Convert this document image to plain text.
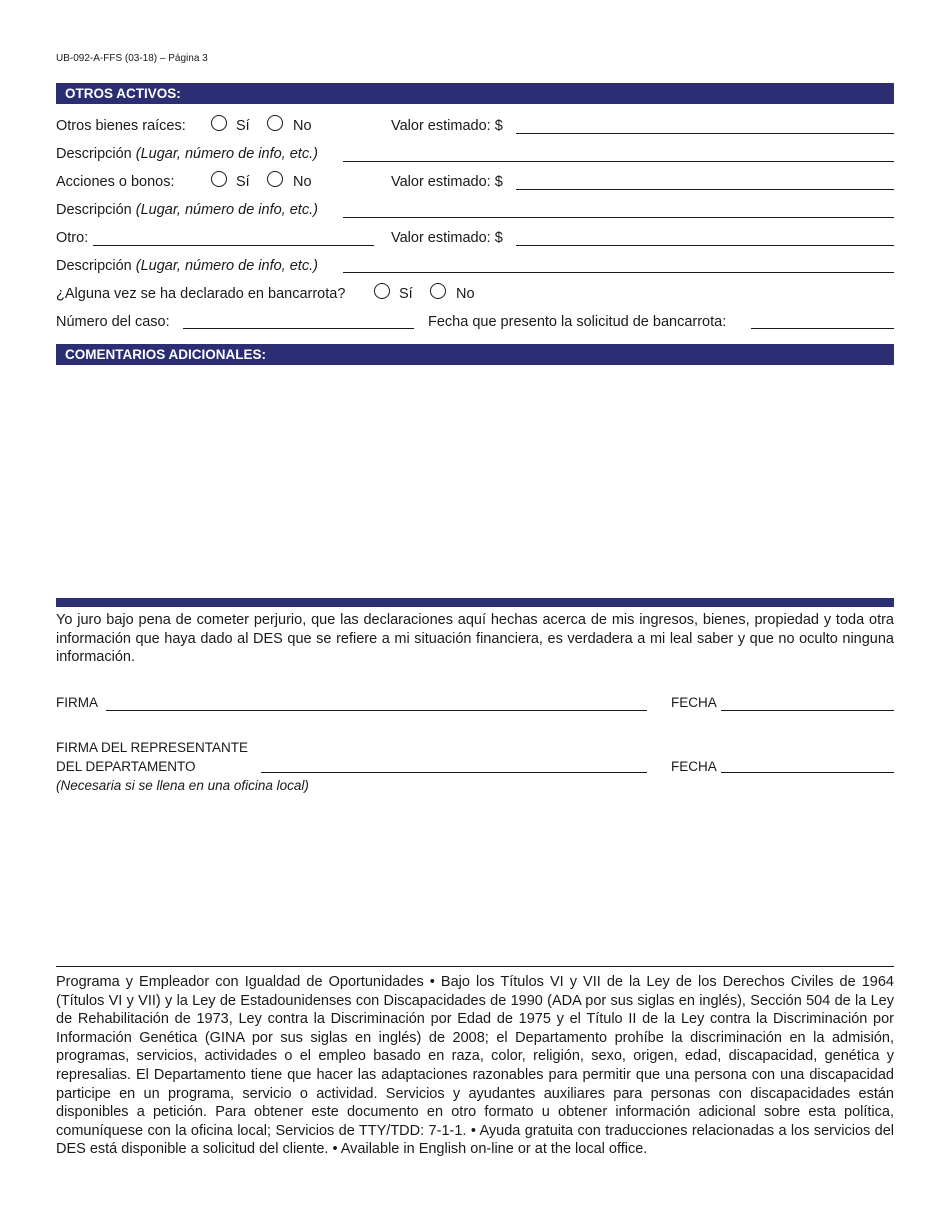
UB-092-A-FFS (03-18) – Página 3
OTROS ACTIVOS:
Otros bienes raíces:	Sí	No	Valor estimado: $
Descripción (Lugar, número de info, etc.)
Acciones o bonos:	Sí	No	Valor estimado: $
Descripción (Lugar, número de info, etc.)
Otro:	Valor estimado: $
Descripción (Lugar, número de info, etc.)
¿Alguna vez se ha declarado en bancarrota?	Sí	No
Número del caso:	Fecha que presento la solicitud de bancarrota:
COMENTARIOS ADICIONALES:
Yo juro bajo pena de cometer perjurio, que las declaraciones aquí hechas acerca de mis ingresos, bienes, propiedad y toda otra información que haya dado al DES que se refiere a mi situación financiera, es verdadera a mi leal saber y que no oculto ninguna información.
FIRMA	FECHA
FIRMA DEL REPRESENTANTE
DEL DEPARTAMENTO	FECHA
(Necesaria si se llena en una oficina local)
Programa y Empleador con Igualdad de Oportunidades • Bajo los Títulos VI y VII de la Ley de los Derechos Civiles de 1964 (Títulos VI y VII) y la Ley de Estadounidenses con Discapacidades de 1990 (ADA por sus siglas en inglés), Sección 504 de la Ley de Rehabilitación de 1973, Ley contra la Discriminación por Edad de 1975 y el Título II de la Ley contra la Discriminación por Información Genética (GINA por sus siglas en inglés) de 2008; el Departamento prohíbe la discriminación en la admisión, programas, servicios, actividades o el empleo basado en raza, color, religión, sexo, origen, edad, discapacidad, genética y represalias. El Departamento tiene que hacer las adaptaciones razonables para permitir que una persona con una discapacidad participe en un programa, servicio o actividad. Servicios y ayudantes auxiliares para personas con discapacidades están disponibles a petición. Para obtener este documento en otro formato u obtener información adicional sobre esta política, comuníquese con la oficina local; Servicios de TTY/TDD: 7-1-1. • Ayuda gratuita con traducciones relacionadas a los servicios del DES está disponible a solicitud del cliente. • Available in English on-line or at the local office.
